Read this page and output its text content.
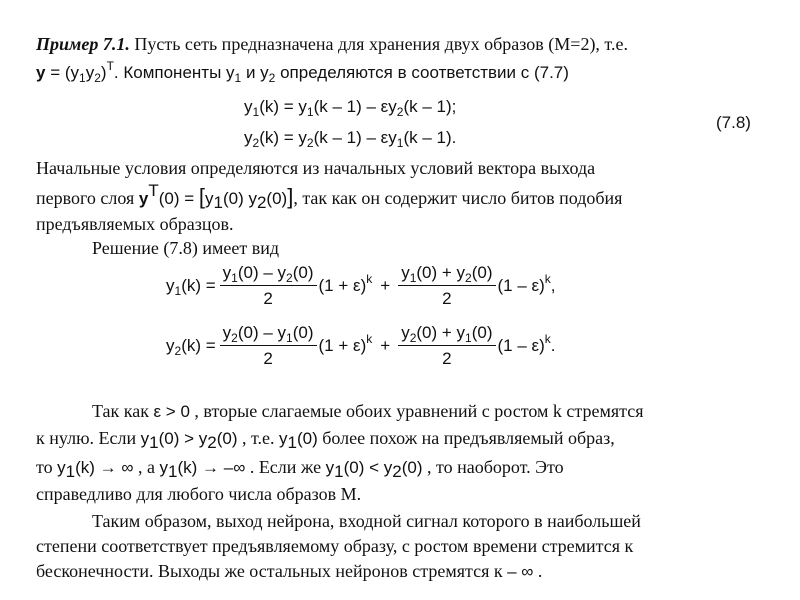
Пример 7.1. Пусть сеть предназначена для хранения двух образов (M=2), т.е.
$y = (y_1y_2)^T$. Компоненты $y_1$ и $y_2$ определяются в соответствии с (7.7)
$y_1(k) = y_1(k - 1) - \varepsilon y_2(k - 1)$;
$y_2(k) = y_2(k - 1) - \varepsilon y_1(k - 1)$.
(7.8)
Начальные условия определяются из начальных условий вектора выхода
первого слоя $y^T(0) = [y_1(0)$ $y_2(0)$], так как он содержит число битов подобия
предъявляемых образцов.
Решение (7.8) имеет вид
$y_1(k) = \frac{y_1(0) - y_2(0)}{2} (1 + \varepsilon)^k + \frac{y_1(0) + y_2(0)}{2} (1 - \varepsilon)^k$,
$y_2(k) = \frac{y_2(0) - y_1(0)}{2} (1 + \varepsilon)^k + \frac{y_2(0) + y_1(0)}{2} (1 - \varepsilon)^k$.
Так как ε > 0 , вторые слагаемые обоих уравнений с ростом k стремятся
к нулю. Если $y_1(0) > y_2(0)$ , т.е. $y_1(0)$ более похож на предъявляемый образ,
то $y_1(k)$ → ∞ , а $y_1(k)$ → –∞ . Если же $y_1(0) < y_2(0)$ , то наоборот. Это
справедливо для любого числа образов M.
Таким образом, выход нейрона, входной сигнал которого в наибольшей
степени соответствует предъявляемому образу, с ростом времени стремится к
бесконечности. Выходы же остальных нейронов стремятся к – ∞ .
